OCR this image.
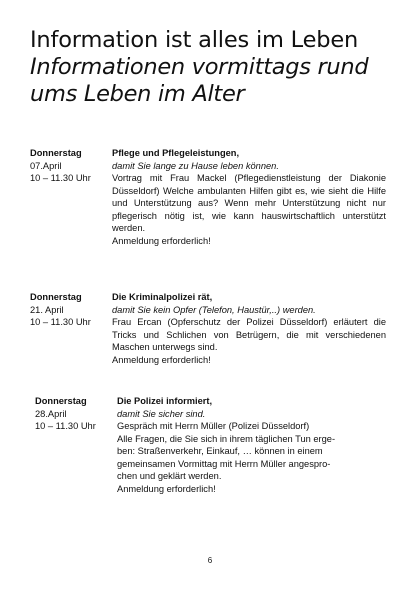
Information ist alles im Leben
Informationen vormittags rund
ums Leben im Alter
Donnerstag
07.April
10 – 11.30 Uhr
Pflege und Pflegeleistungen,
damit Sie lange zu Hause leben können.

Vortrag mit Frau Mackel (Pflegedienstleistung der Diakonie Düsseldorf) Welche ambulanten Hilfen gibt es, wie sieht die Hilfe und Unterstützung aus? Wenn mehr Unterstützung nicht nur pflegerisch nötig ist, wie kann hauswirtschaftlich unterstützt werden.

Anmeldung erforderlich!
Donnerstag
21. April
10 – 11.30 Uhr
Die Kriminalpolizei rät,
damit Sie kein Opfer (Telefon, Haustür,..) werden.

Frau Ercan (Opferschutz der Polizei Düsseldorf) erläutert die Tricks und Schlichen von Betrügern, die mit verschiedenen Maschen unterwegs sind.

Anmeldung erforderlich!
Donnerstag
28.April
10 – 11.30 Uhr
Die Polizei informiert,
damit Sie sicher sind.
Gespräch mit Herrn Müller (Polizei Düsseldorf)
Alle Fragen, die Sie sich in ihrem täglichen Tun erge-
ben: Straßenverkehr, Einkauf, … können in einem
gemeinsamen Vormittag mit Herrn Müller angespro-
chen und geklärt werden.
Anmeldung erforderlich!
6
